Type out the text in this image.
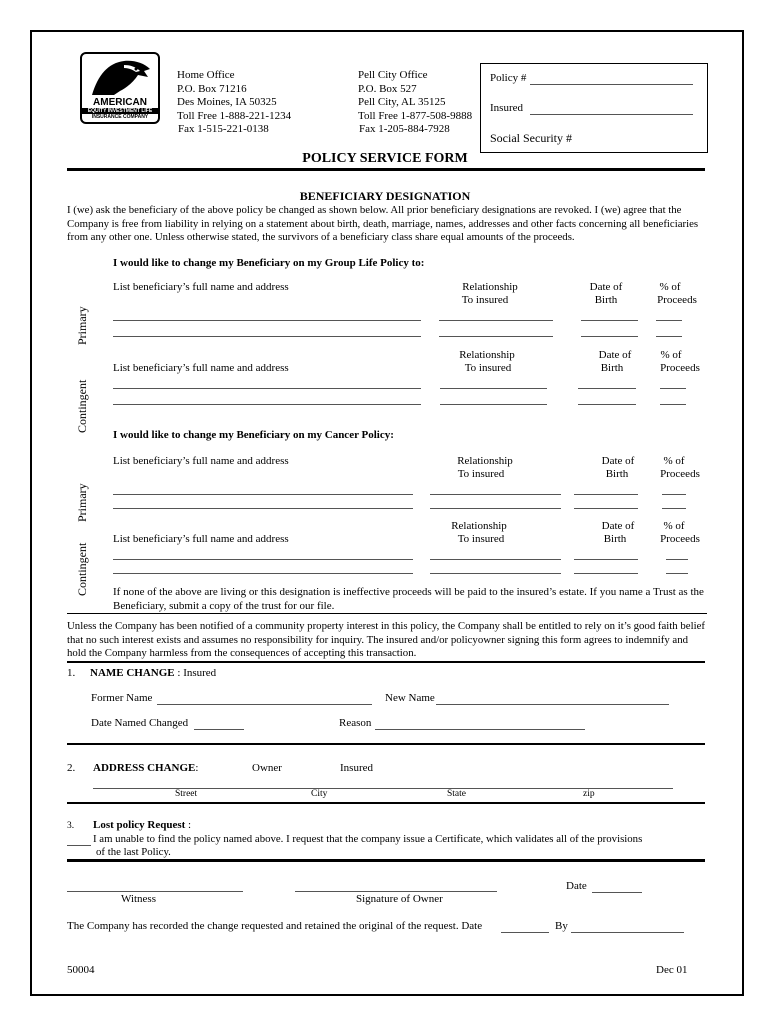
AMERICAN
EQUITY INVESTMENT LIFE
INSURANCE COMPANY
Home Office
P.O. Box 71216
Des Moines, IA 50325
Toll Free 1-888-221-1234
Fax 1-515-221-0138
Pell City Office
P.O. Box 527
Pell City, AL 35125
Toll Free 1-877-508-9888
Fax 1-205-884-7928
Policy #
Insured
Social Security #
POLICY SERVICE FORM
BENEFICIARY DESIGNATION
I (we) ask the beneficiary of the above policy be changed as shown below. All prior beneficiary designations are revoked. I (we) agree that the Company is free from liability in relying on a statement about birth, death, marriage, names, addresses and other facts concerning all beneficiaries from any other one. Unless otherwise stated, the survivors of a beneficiary class share equal amounts of the proceeds.
I would like to change my Beneficiary on my Group Life Policy to:
Primary
List beneficiary’s full name and address	Relationship
To insured
Date of
Birth
% of
Proceeds
Contingent
List beneficiary’s full name and address
Relationship
To insured
Date of
Birth
% of
Proceeds
I would like to change my Beneficiary on my Cancer Policy:
Primary
List beneficiary’s full name and address	Relationship
To insured
Date of
Birth
% of
Proceeds
Contingent
List beneficiary’s full name and address
Relationship
To insured
Date of
Birth
% of
Proceeds
If none of the above are living or this designation is ineffective proceeds will be paid to the insured’s estate. If you name a Trust as the Beneficiary, submit a copy of the trust for our file.
Unless the Company has been notified of a community property interest in this policy, the Company shall be entitled to rely on it’s good faith belief that no such interest exists and assumes no responsibility for inquiry. The insured and/or policyowner signing this form agrees to indemnify and hold the Company harmless from the consequences of accepting this transaction.
1. NAME CHANGE : Insured
Former Name	New Name
Date Named Changed	Reason
2. ADDRESS CHANGE:	Owner	Insured
Street	City	State	zip
3. Lost policy Request :
I am unable to find the policy named above. I request that the company issue a Certificate, which validates all of the provisions
of the last Policy.
Witness	Signature of Owner
Date
The Company has recorded the change requested and retained the original of the request. Date	By
50004	Dec 01
